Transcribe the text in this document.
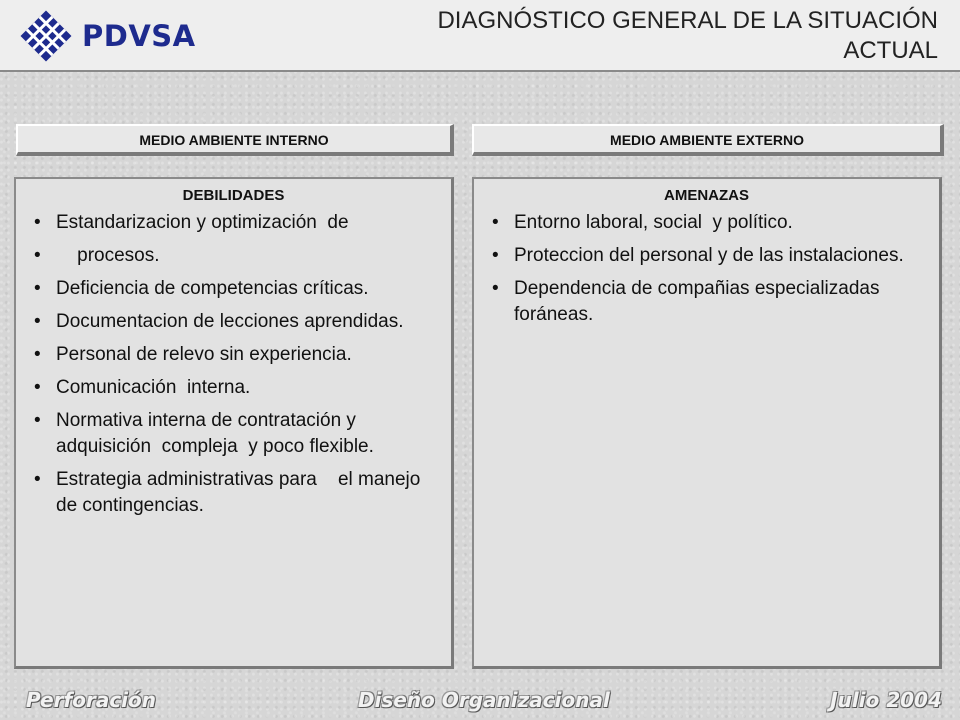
PDVSA	DIAGNÓSTICO GENERAL DE LA SITUACIÓN ACTUAL
MEDIO AMBIENTE INTERNO	MEDIO AMBIENTE EXTERNO
DEBILIDADES
• Estandarizacion y optimización  de
•     procesos.
• Deficiencia de competencias críticas.
• Documentacion de lecciones aprendidas.
• Personal de relevo sin experiencia.
• Comunicación  interna.
• Normativa interna de contratación y adquisición  compleja  y poco flexible.
• Estrategia administrativas para    el manejo de contingencias.
AMENAZAS
• Entorno laboral, social  y político.
• Proteccion del personal y de las instalaciones.
• Dependencia de compañias especializadas  foráneas.
Perforación	Diseño Organizacional	Julio 2004
